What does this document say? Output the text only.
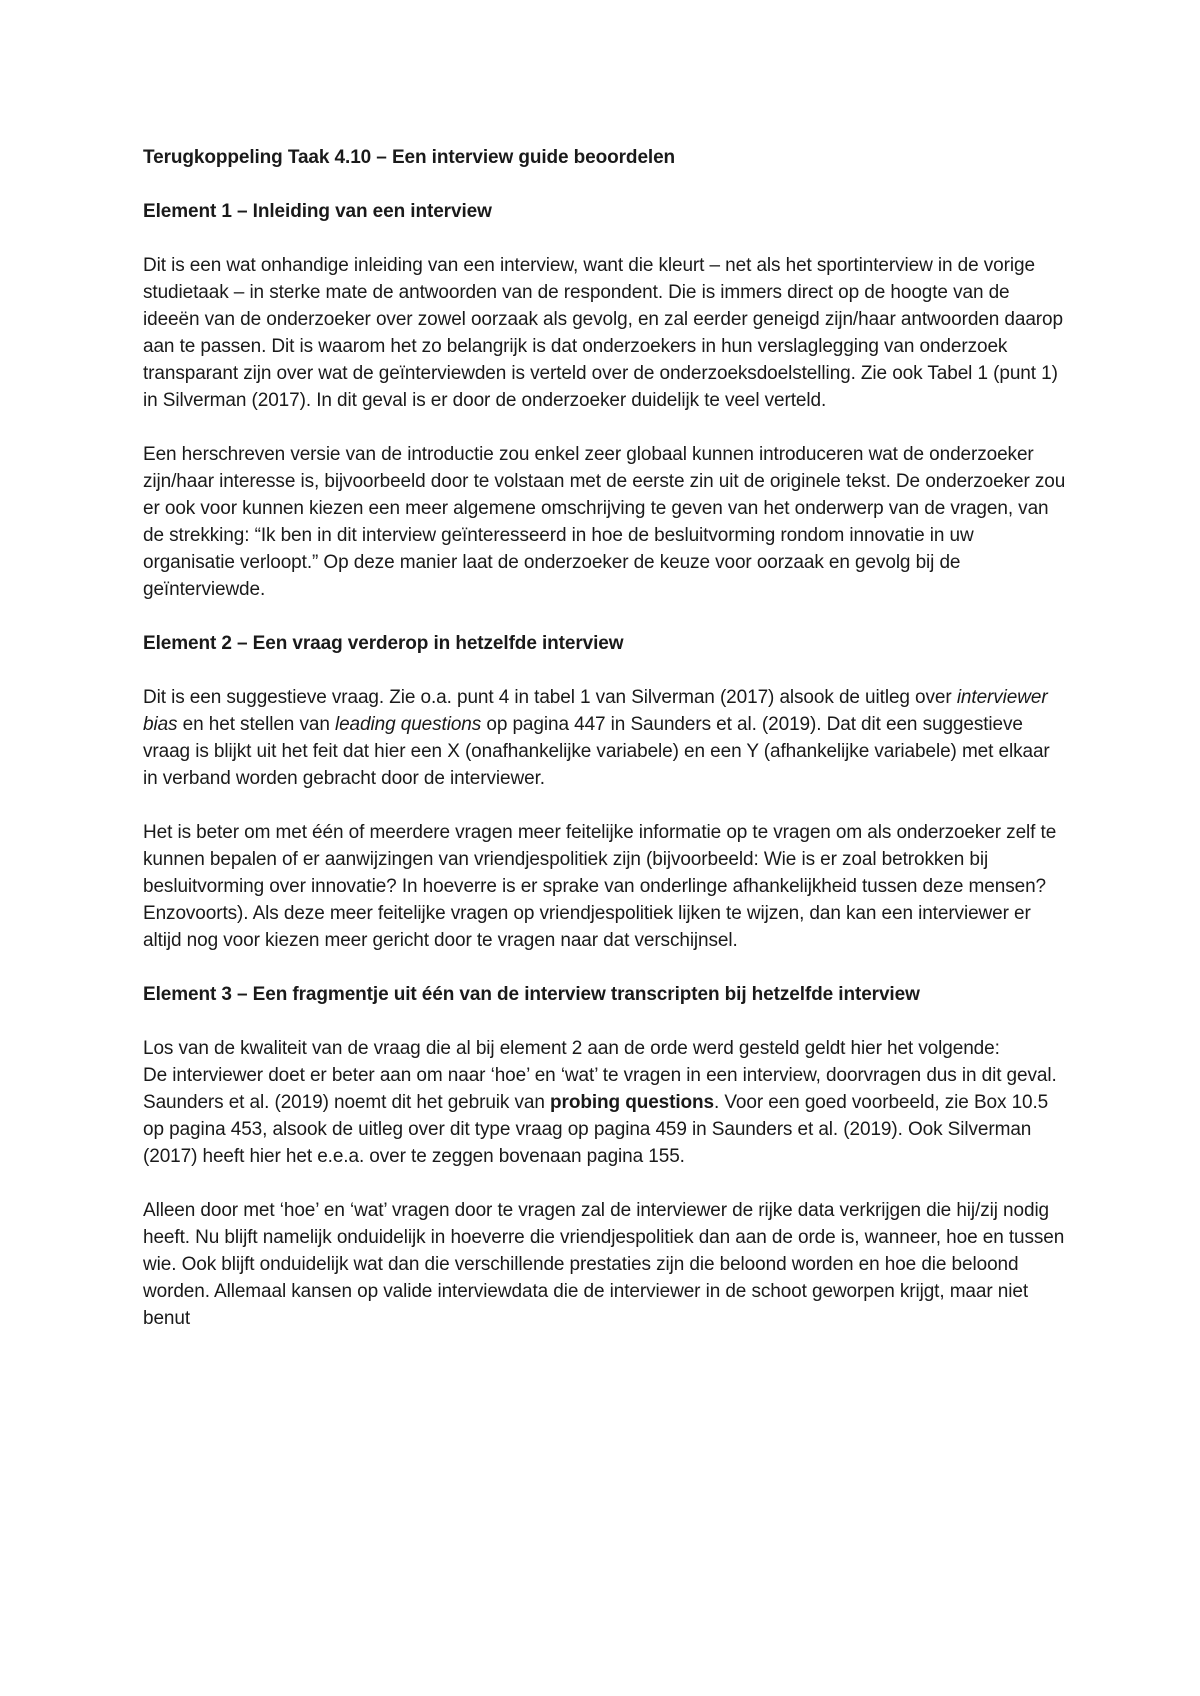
Terugkoppeling Taak 4.10 – Een interview guide beoordelen
Element 1 – Inleiding van een interview

Dit is een wat onhandige inleiding van een interview, want die kleurt – net als het sportinterview in de vorige studietaak – in sterke mate de antwoorden van de respondent. Die is immers direct op de hoogte van de ideeën van de onderzoeker over zowel oorzaak als gevolg, en zal eerder geneigd zijn/haar antwoorden daarop aan te passen. Dit is waarom het zo belangrijk is dat onderzoekers in hun verslaglegging van onderzoek transparant zijn over wat de geïnterviewden is verteld over de onderzoeksdoelstelling. Zie ook Tabel 1 (punt 1) in Silverman (2017). In dit geval is er door de onderzoeker duidelijk te veel verteld.

Een herschreven versie van de introductie zou enkel zeer globaal kunnen introduceren wat de onderzoeker zijn/haar interesse is, bijvoorbeeld door te volstaan met de eerste zin uit de originele tekst. De onderzoeker zou er ook voor kunnen kiezen een meer algemene omschrijving te geven van het onderwerp van de vragen, van de strekking: “Ik ben in dit interview geïnteresseerd in hoe de besluitvorming rondom innovatie in uw organisatie verloopt.” Op deze manier laat de onderzoeker de keuze voor oorzaak en gevolg bij de geïnterviewde.

Element 2 – Een vraag verderop in hetzelfde interview

Dit is een suggestieve vraag. Zie o.a. punt 4 in tabel 1 van Silverman (2017) alsook de uitleg over interviewer bias en het stellen van leading questions op pagina 447 in Saunders et al. (2019). Dat dit een suggestieve vraag is blijkt uit het feit dat hier een X (onafhankelijke variabele) en een Y (afhankelijke variabele) met elkaar in verband worden gebracht door de interviewer.

Het is beter om met één of meerdere vragen meer feitelijke informatie op te vragen om als onderzoeker zelf te kunnen bepalen of er aanwijzingen van vriendjespolitiek zijn (bijvoorbeeld: Wie is er zoal betrokken bij besluitvorming over innovatie? In hoeverre is er sprake van onderlinge afhankelijkheid tussen deze mensen? Enzovoorts). Als deze meer feitelijke vragen op vriendjespolitiek lijken te wijzen, dan kan een interviewer er altijd nog voor kiezen meer gericht door te vragen naar dat verschijnsel.

Element 3 – Een fragmentje uit één van de interview transcripten bij hetzelfde interview

Los van de kwaliteit van de vraag die al bij element 2 aan de orde werd gesteld geldt hier het volgende:

De interviewer doet er beter aan om naar ‘hoe’ en ‘wat’ te vragen in een interview, doorvragen dus in dit geval. Saunders et al. (2019) noemt dit het gebruik van probing questions. Voor een goed voorbeeld, zie Box 10.5 op pagina 453, alsook de uitleg over dit type vraag op pagina 459 in Saunders et al. (2019). Ook Silverman (2017) heeft hier het e.e.a. over te zeggen bovenaan pagina 155.

Alleen door met ‘hoe’ en ‘wat’ vragen door te vragen zal de interviewer de rijke data verkrijgen die hij/zij nodig heeft. Nu blijft namelijk onduidelijk in hoeverre die vriendjespolitiek dan aan de orde is, wanneer, hoe en tussen wie. Ook blijft onduidelijk wat dan die verschillende prestaties zijn die beloond worden en hoe die beloond worden. Allemaal kansen op valide interviewdata die de interviewer in de schoot geworpen krijgt, maar niet benut
